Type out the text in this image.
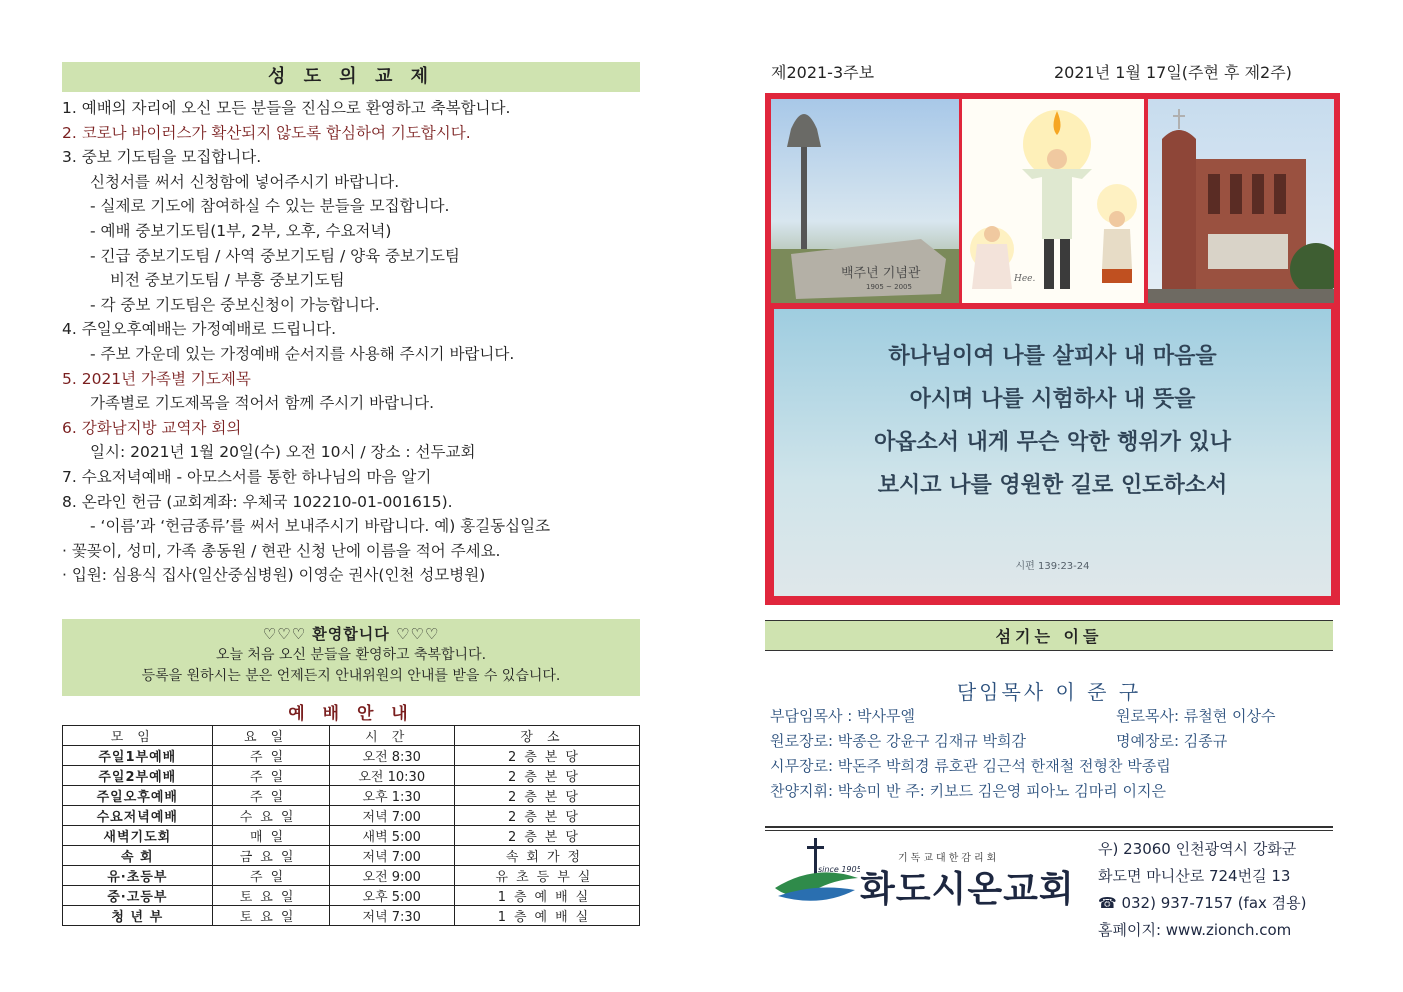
성 도 의 교 제
1. 예배의 자리에 오신 모든 분들을 진심으로 환영하고 축복합니다.
2. 코로나 바이러스가 확산되지 않도록 합심하여 기도합시다.
3. 중보 기도팀을 모집합니다.
신청서를 써서 신청함에 넣어주시기 바랍니다.
- 실제로 기도에 참여하실 수 있는 분들을 모집합니다.
- 예배 중보기도팀(1부, 2부, 오후, 수요저녁)
- 긴급 중보기도팀 / 사역 중보기도팀 / 양육 중보기도팀
비전 중보기도팀 / 부흥 중보기도팀
- 각 중보 기도팀은 중보신청이 가능합니다.
4. 주일오후예배는 가정예배로 드립니다.
- 주보 가운데 있는 가정예배 순서지를 사용해 주시기 바랍니다.
5. 2021년 가족별 기도제목
가족별로 기도제목을 적어서 함께 주시기 바랍니다.
6. 강화남지방 교역자 회의
일시: 2021년 1월 20일(수) 오전 10시 / 장소 : 선두교회
7. 수요저녁예배 - 아모스서를 통한 하나님의 마음 알기
8. 온라인 헌금 (교회계좌: 우체국 102210-01-001615).
- ‘이름’과 ‘헌금종류’를 써서 보내주시기 바랍니다. 예) 홍길동십일조
· 꽃꽂이, 성미, 가족 총동원 / 현관 신청 난에 이름을 적어 주세요.
· 입원: 심용식 집사(일산중심병원) 이영순 권사(인천 성모병원)
♡♡♡ 환영합니다 ♡♡♡
오늘 처음 오신 분들을 환영하고 축복합니다.
등록을 원하시는 분은 언제든지 안내위원의 안내를 받을 수 있습니다.
예 배 안 내
모임	요일	시간	장소
주일1부예배	주일	오전 8:30	2층본당
주일2부예배	주일	오전 10:30	2층본당
주일오후예배	주일	오후 1:30	2층본당
수요저녁예배	수요일	저녁 7:00	2층본당
새벽기도회	매일	새벽 5:00	2층본당
속 회	금요일	저녁 7:00	속회가정
유·초등부	주일	오전 9:00	유초등부실
중·고등부	토요일	오후 5:00	1층예배실
청 년 부	토요일	저녁 7:30	1층예배실
제2021-3주보	2021년 1월 17일(주현 후 제2주)
백주년 기념관
1905 ~ 2005
Hee.
하나님이여 나를 살피사 내 마음을
아시며 나를 시험하사 내 뜻을
아옵소서 내게 무슨 악한 행위가 있나
보시고 나를 영원한 길로 인도하소서
시편 139:23-24
섬기는 이들
담임목사 이 준 구
부담임목사 : 박사무엘	원로목사: 류철현 이상수
원로장로: 박종은 강윤구 김재규 박희감	명예장로: 김종규
시무장로: 박돈주 박희경 류호관 김근석 한재철 전형찬 박종립
찬양지휘: 박송미 반 주: 키보드 김은영 피아노 김마리 이지은
since 1905
기독교대한감리회
화도시온교회
우) 23060 인천광역시 강화군
화도면 마니산로 724번길 13
☎ 032) 937-7157 (fax 겸용)
홈페이지: www.zionch.com
